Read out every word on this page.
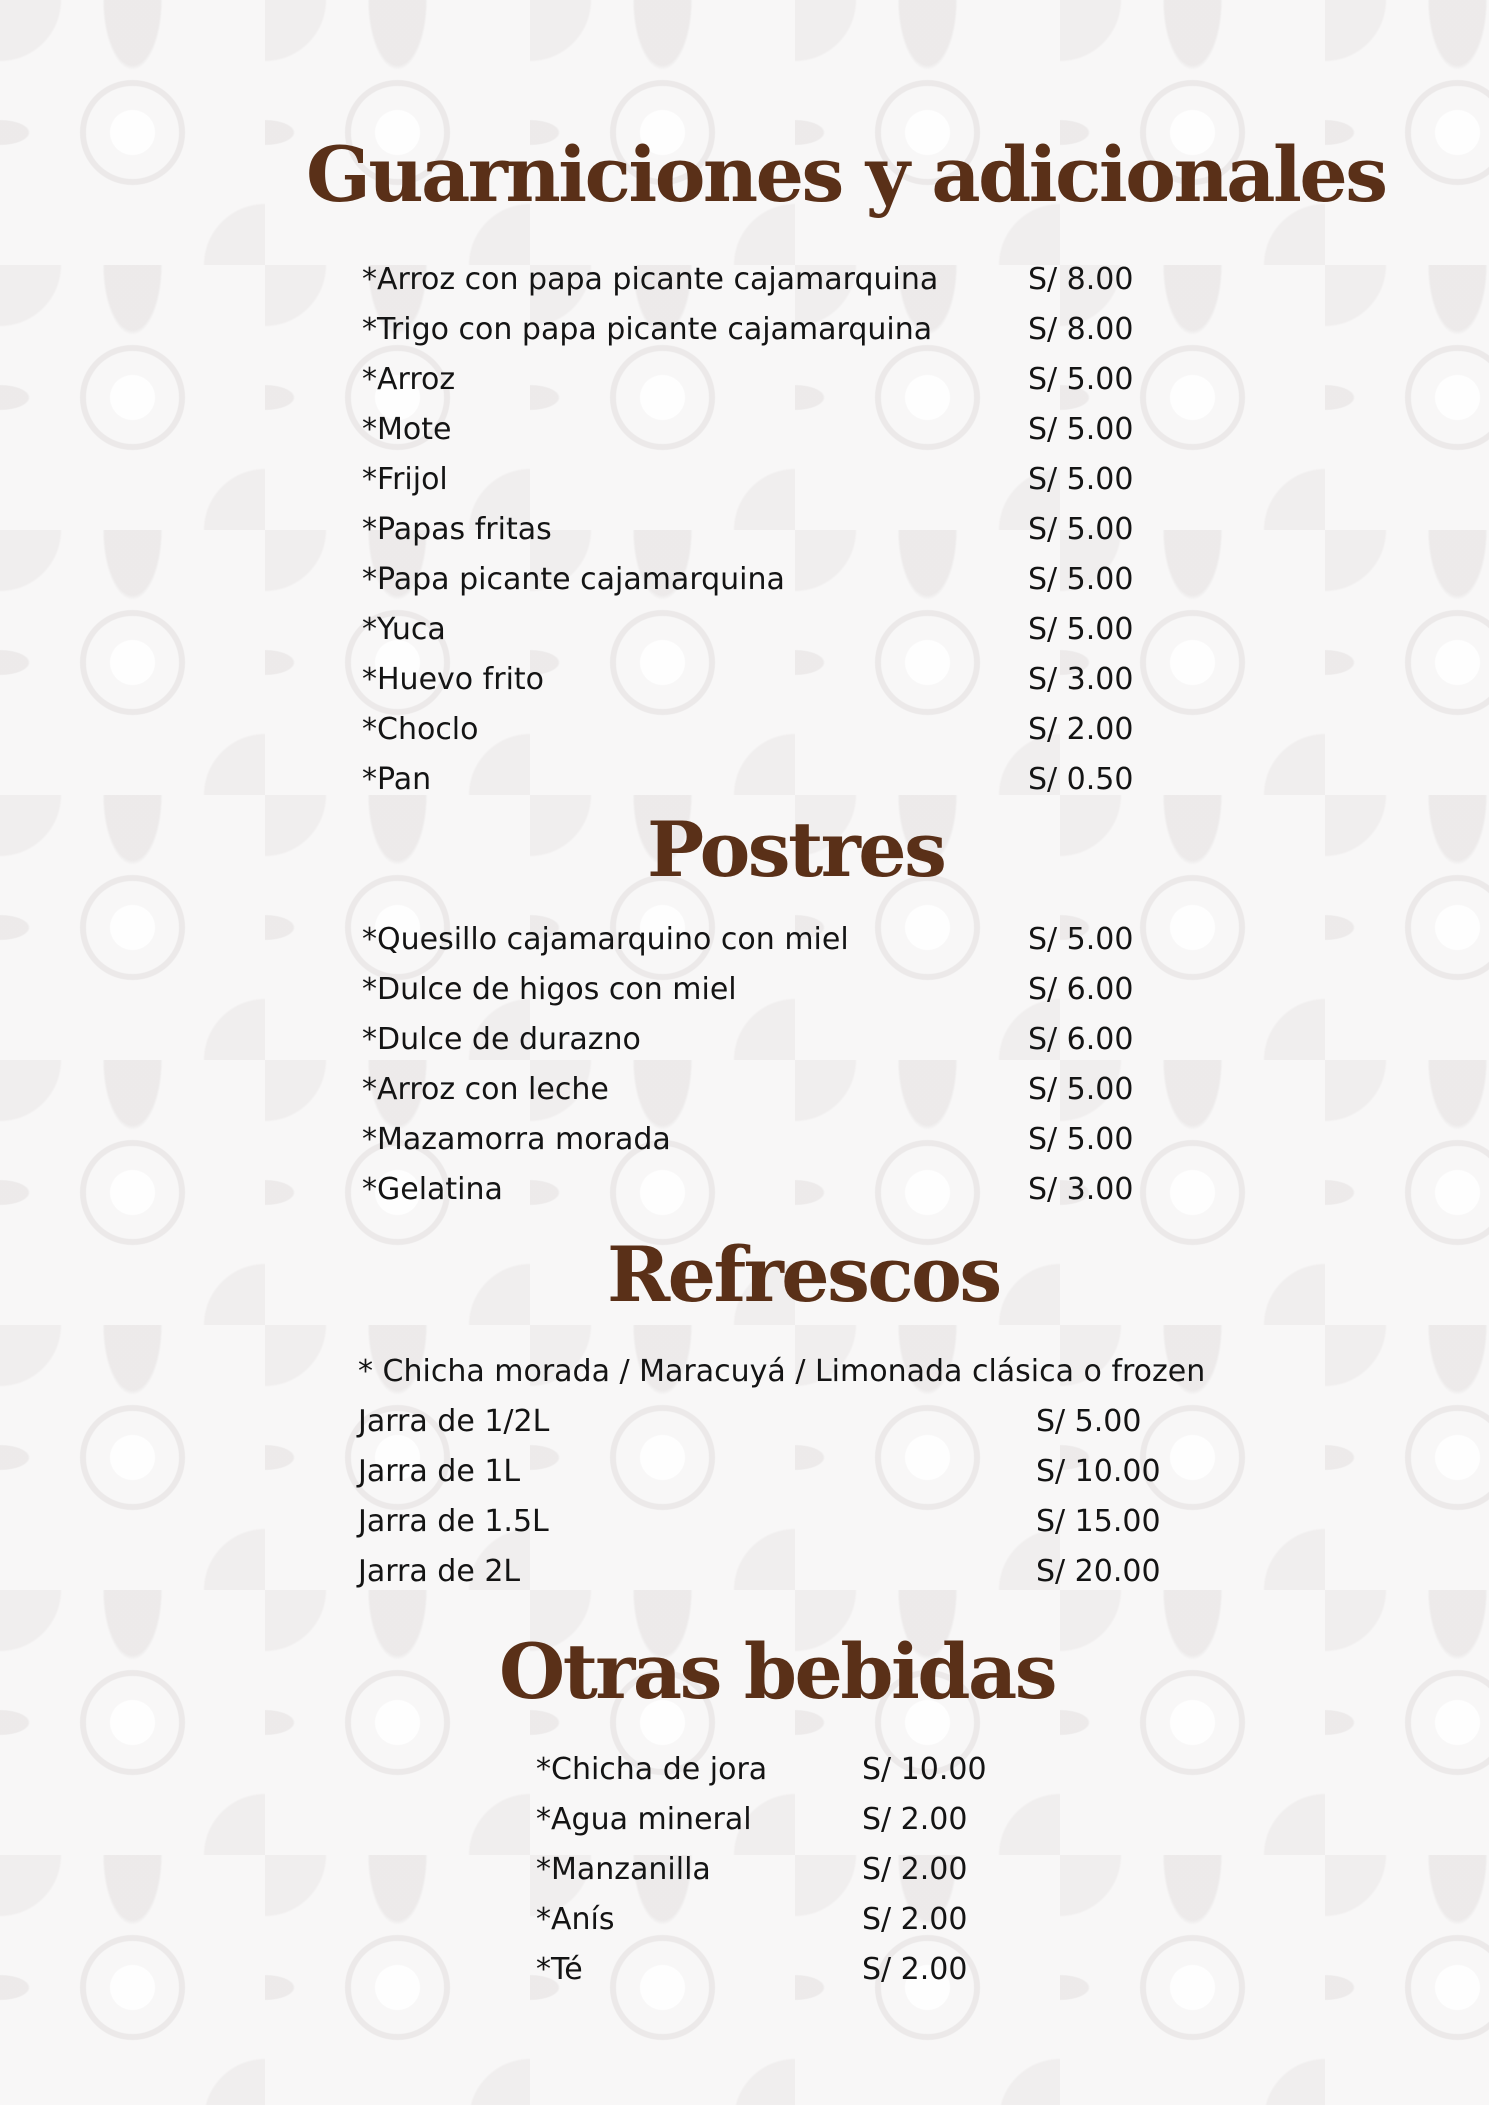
Guarniciones y adicionales
*Arroz con papa picante cajamarquina	S/ 8.00
*Trigo con papa picante cajamarquina	S/ 8.00
*Arroz	S/ 5.00
*Mote	S/ 5.00
*Frijol	S/ 5.00
*Papas fritas	S/ 5.00
*Papa picante cajamarquina	S/ 5.00
*Yuca	S/ 5.00
*Huevo frito	S/ 3.00
*Choclo	S/ 2.00
*Pan	S/ 0.50
Postres
*Quesillo cajamarquino con miel	S/ 5.00
*Dulce de higos con miel	S/ 6.00
*Dulce de durazno	S/ 6.00
*Arroz con leche	S/ 5.00
*Mazamorra morada	S/ 5.00
*Gelatina	S/ 3.00
Refrescos
* Chicha morada / Maracuyá / Limonada clásica o frozen
Jarra de 1/2L	S/ 5.00
Jarra de 1L	S/ 10.00
Jarra de 1.5L	S/ 15.00
Jarra de 2L	S/ 20.00
Otras bebidas
*Chicha de jora	S/ 10.00
*Agua mineral	S/ 2.00
*Manzanilla	S/ 2.00
*Anís	S/ 2.00
*Té	S/ 2.00
